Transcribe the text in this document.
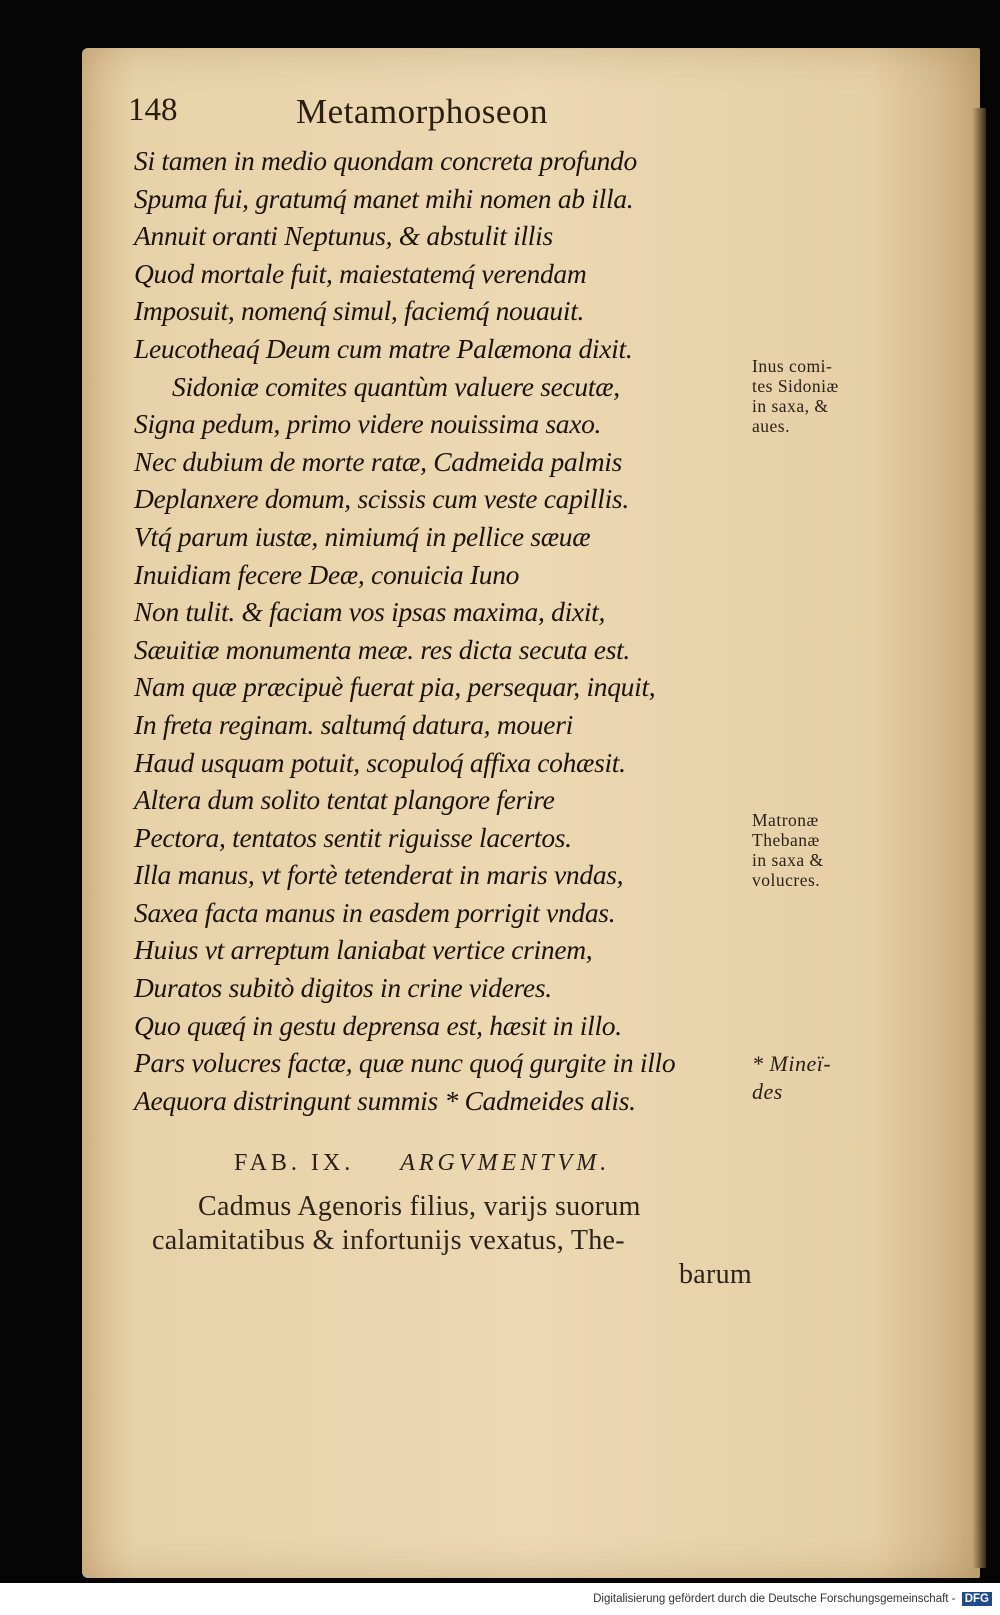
148	Metamorphoseon
Si tamen in medio quondam concreta profundo
Spuma fui, gratumq́ manet mihi nomen ab illa.
Annuit oranti Neptunus, & abstulit illis
Quod mortale fuit, maiestatemq́ verendam
Imposuit, nomenq́ simul, faciemq́ nouauit.
Leucotheaq́ Deum cum matre Palæmona dixit.
Sidoniæ comites quantùm valuere secutæ,
Signa pedum, primo videre nouissima saxo.
Nec dubium de morte ratæ, Cadmeida palmis
Deplanxere domum, scissis cum veste capillis.
Vtq́ parum iustæ, nimiumq́ in pellice sæuæ
Inuidiam fecere Deæ, conuicia Iuno
Non tulit. & faciam vos ipsas maxima, dixit,
Sæuitiæ monumenta meæ. res dicta secuta est.
Nam quæ præcipuè fuerat pia, persequar, inquit,
In freta reginam. saltumq́ datura, moueri
Haud usquam potuit, scopuloq́ affixa cohæsit.
Altera dum solito tentat plangore ferire
Pectora, tentatos sentit riguisse lacertos.
Illa manus, vt fortè tetenderat in maris vndas,
Saxea facta manus in easdem porrigit vndas.
Huius vt arreptum laniabat vertice crinem,
Duratos subitò digitos in crine videres.
Quo quæq́ in gestu deprensa est, hæsit in illo.
Pars volucres factæ, quæ nunc quoq́ gurgite in illo
Aequora distringunt summis * Cadmeides alis.
Inus comi-
tes Sidoniæ
in saxa, &
aues.
Matronæ
Thebanæ
in saxa &
volucres.
* Mineï-
des
FAB. IX. ARGVMENTVM.
Cadmus Agenoris filius, varijs suorum
calamitatibus & infortunijs vexatus, The-
barum
Digitalisierung gefördert durch die Deutsche Forschungsgemeinschaft - DFG
